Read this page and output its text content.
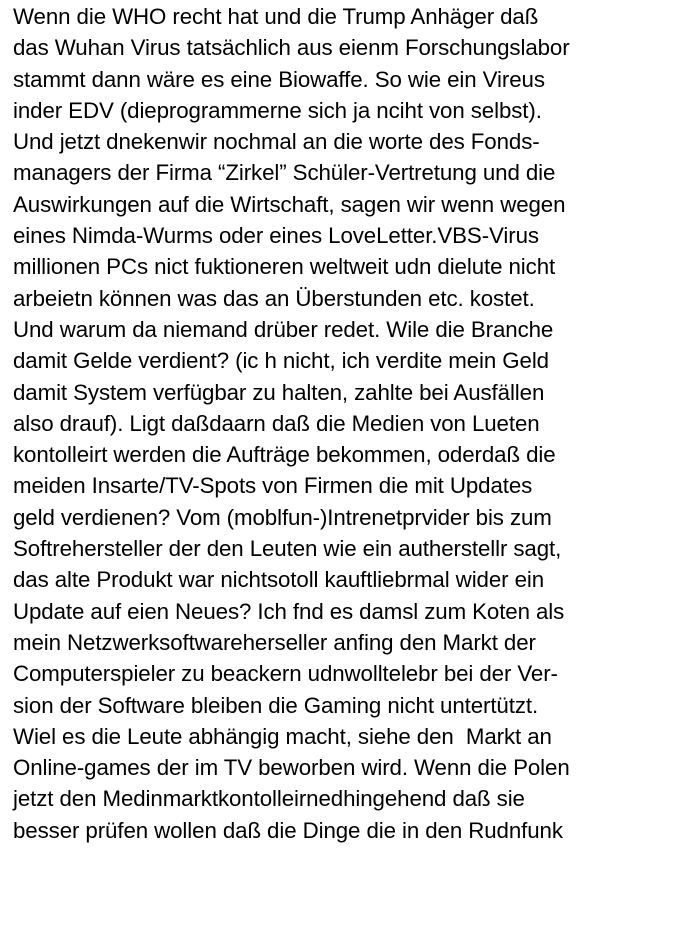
Wenn die WHO recht hat und die Trump Anhäger daß
das Wuhan Virus tatsächlich aus eienm Forschungslabor
stammt dann wäre es eine Biowaffe. So wie ein Vireus
inder EDV (dieprogrammerne sich ja nciht von selbst).
Und jetzt dnekenwir nochmal an die worte des Fonds-
managers der Firma “Zirkel” Schüler-Vertretung und die
Auswirkungen auf die Wirtschaft, sagen wir wenn wegen
eines Nimda-Wurms oder eines LoveLetter.VBS-Virus
millionen PCs nict fuktioneren weltweit udn dielute nicht
arbeietn können was das an Überstunden etc. kostet.
Und warum da niemand drüber redet. Wile die Branche
damit Gelde verdient? (ic h nicht, ich verdite mein Geld
damit System verfügbar zu halten, zahlte bei Ausfällen
also drauf). Ligt daßdaarn daß die Medien von Lueten
kontolleirt werden die Aufträge bekommen, oderdaß die
meiden Insarte/TV-Spots von Firmen die mit Updates
geld verdienen? Vom (moblfun-)Intrenetprvider bis zum
Softrehersteller der den Leuten wie ein autherstellr sagt,
das alte Produkt war nichtsotoll kauftliebrmal wider ein
Update auf eien Neues? Ich fnd es damsl zum Koten als
mein Netzwerksoftwareherseller anfing den Markt der
Computerspieler zu beackern udnwolltelebr bei der Ver-
sion der Software bleiben die Gaming nicht untertützt.
Wiel es die Leute abhängig macht, siehe den  Markt an
Online-games der im TV beworben wird. Wenn die Polen
jetzt den Medinmarktkontolleirnedhingehend daß sie
besser prüfen wollen daß die Dinge die in den Rudnfunk
